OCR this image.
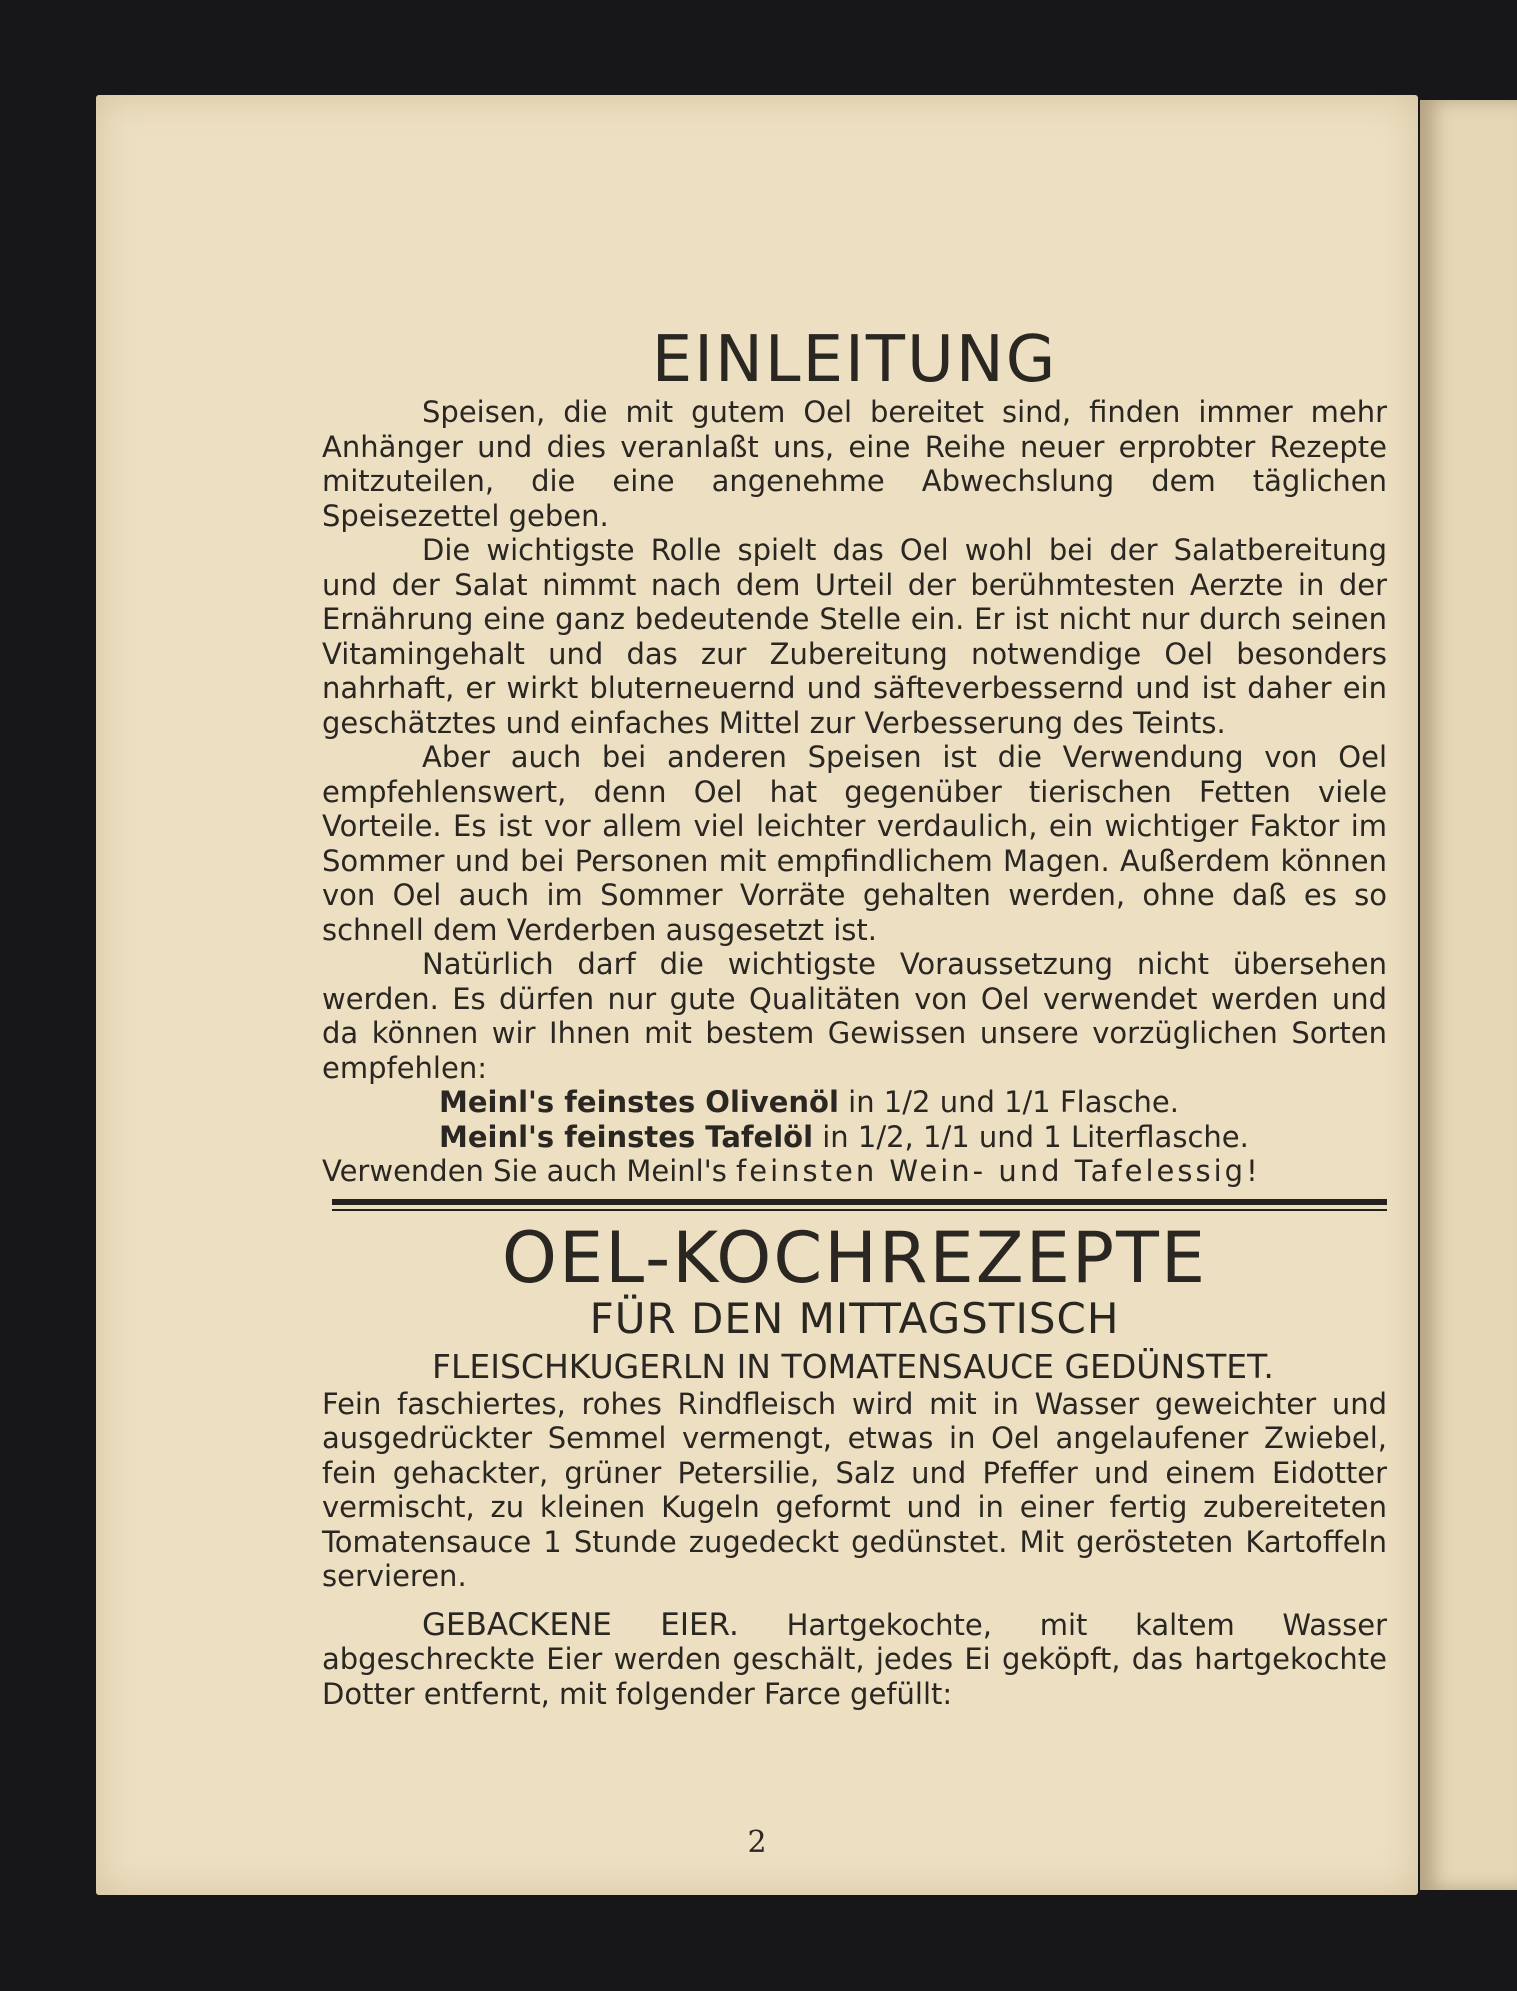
EINLEITUNG

Speisen, die mit gutem Oel bereitet sind, finden immer mehr Anhänger und dies veranlaßt uns, eine Reihe neuer erprobter Rezepte mitzuteilen, die eine angenehme Abwechslung dem täglichen Speisezettel geben.

Die wichtigste Rolle spielt das Oel wohl bei der Salatbereitung und der Salat nimmt nach dem Urteil der berühmtesten Aerzte in der Ernährung eine ganz bedeutende Stelle ein. Er ist nicht nur durch seinen Vitamingehalt und das zur Zubereitung notwendige Oel besonders nahrhaft, er wirkt bluterneuernd und säfteverbessernd und ist daher ein geschätztes und einfaches Mittel zur Verbesserung des Teints.

Aber auch bei anderen Speisen ist die Verwendung von Oel empfehlenswert, denn Oel hat gegenüber tierischen Fetten viele Vorteile. Es ist vor allem viel leichter verdaulich, ein wichtiger Faktor im Sommer und bei Personen mit empfindlichem Magen. Außerdem können von Oel auch im Sommer Vorräte gehalten werden, ohne daß es so schnell dem Verderben ausgesetzt ist.

Natürlich darf die wichtigste Voraussetzung nicht übersehen werden. Es dürfen nur gute Qualitäten von Oel verwendet werden und da können wir Ihnen mit bestem Gewissen unsere vorzüglichen Sorten empfehlen:

Meinl's feinstes Olivenöl in 1/2 und 1/1 Flasche.
Meinl's feinstes Tafelöl in 1/2, 1/1 und 1 Literflasche.

Verwenden Sie auch Meinl's feinsten Wein- und Tafelessig!

OEL-KOCHREZEPTE
FÜR DEN MITTAGSTISCH
FLEISCHKUGERLN IN TOMATENSAUCE GEDÜNSTET.

Fein faschiertes, rohes Rindfleisch wird mit in Wasser geweichter und ausgedrückter Semmel vermengt, etwas in Oel angelaufener Zwiebel, fein gehackter, grüner Petersilie, Salz und Pfeffer und einem Eidotter vermischt, zu kleinen Kugeln geformt und in einer fertig zubereiteten Tomatensauce 1 Stunde zugedeckt gedünstet. Mit gerösteten Kartoffeln servieren.

GEBACKENE EIER. Hartgekochte, mit kaltem Wasser abgeschreckte Eier werden geschält, jedes Ei geköpft, das hartgekochte Dotter entfernt, mit folgender Farce gefüllt:

2
